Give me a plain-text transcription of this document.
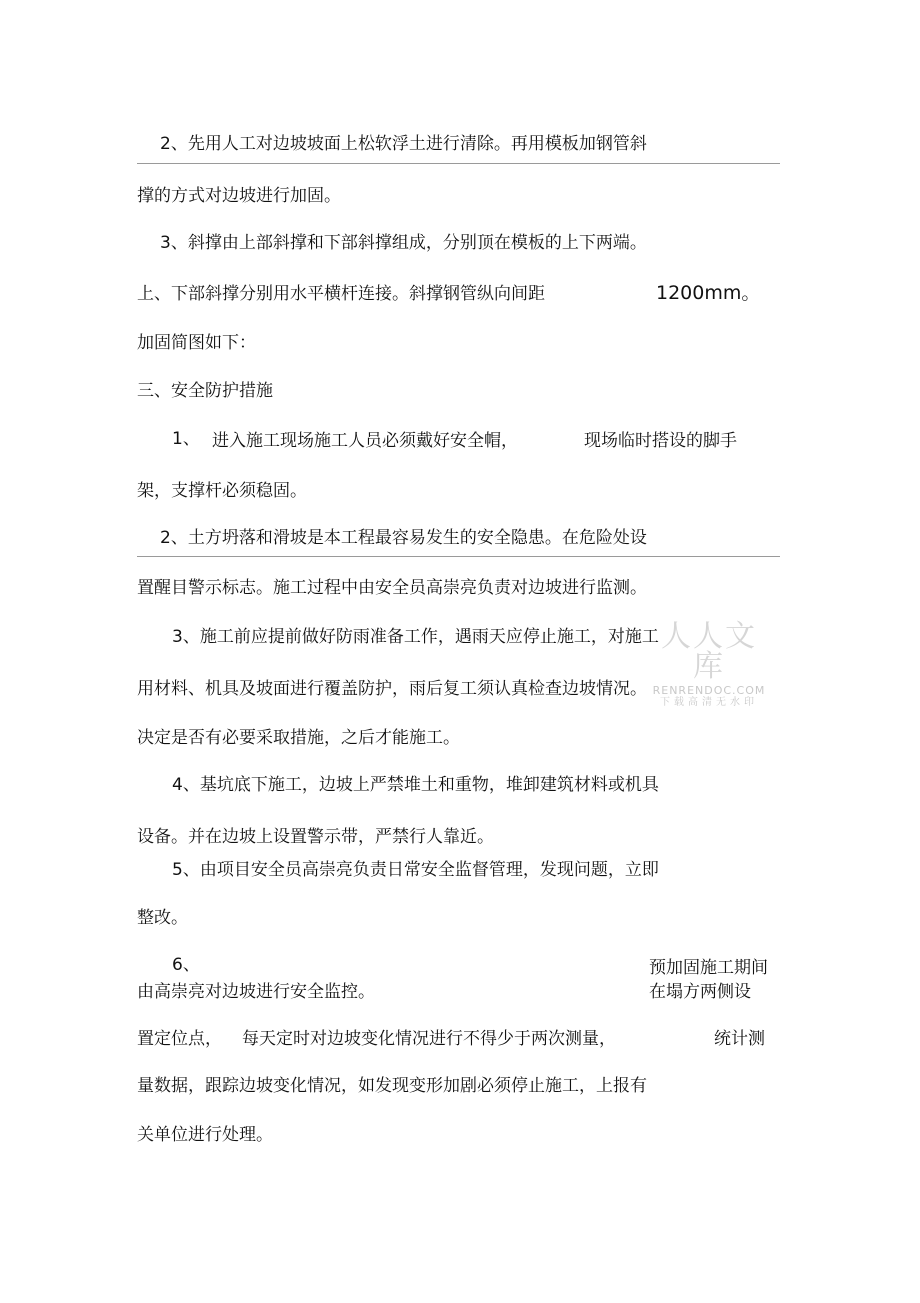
2、先用人工对边坡坡面上松软浮土进行清除。再用模板加钢管斜
撑的方式对边坡进行加固。
3、斜撑由上部斜撑和下部斜撑组成，分别顶在模板的上下两端。
上、下部斜撑分别用水平横杆连接。斜撑钢管纵向间距	1200mm。
加固简图如下：
三、安全防护措施
1、 进入施工现场施工人员必须戴好安全帽，	现场临时搭设的脚手
架，支撑杆必须稳固。
2、土方坍落和滑坡是本工程最容易发生的安全隐患。在危险处设
置醒目警示标志。施工过程中由安全员高崇亮负责对边坡进行监测。
3、施工前应提前做好防雨准备工作，遇雨天应停止施工，对施工
用材料、机具及坡面进行覆盖防护，雨后复工须认真检查边坡情况。
决定是否有必要采取措施，之后才能施工。
4、基坑底下施工，边坡上严禁堆土和重物，堆卸建筑材料或机具
设备。并在边坡上设置警示带，严禁行人靠近。
5、由项目安全员高崇亮负责日常安全监督管理，发现问题，立即
整改。
6、	预加固施工期间
由高崇亮对边坡进行安全监控。	在塌方两侧设
置定位点， 每天定时对边坡变化情况进行不得少于两次测量，	统计测
量数据，跟踪边坡变化情况，如发现变形加剧必须停止施工，上报有
关单位进行处理。
人人文库
RENRENDOC.COM
下载高清无水印
